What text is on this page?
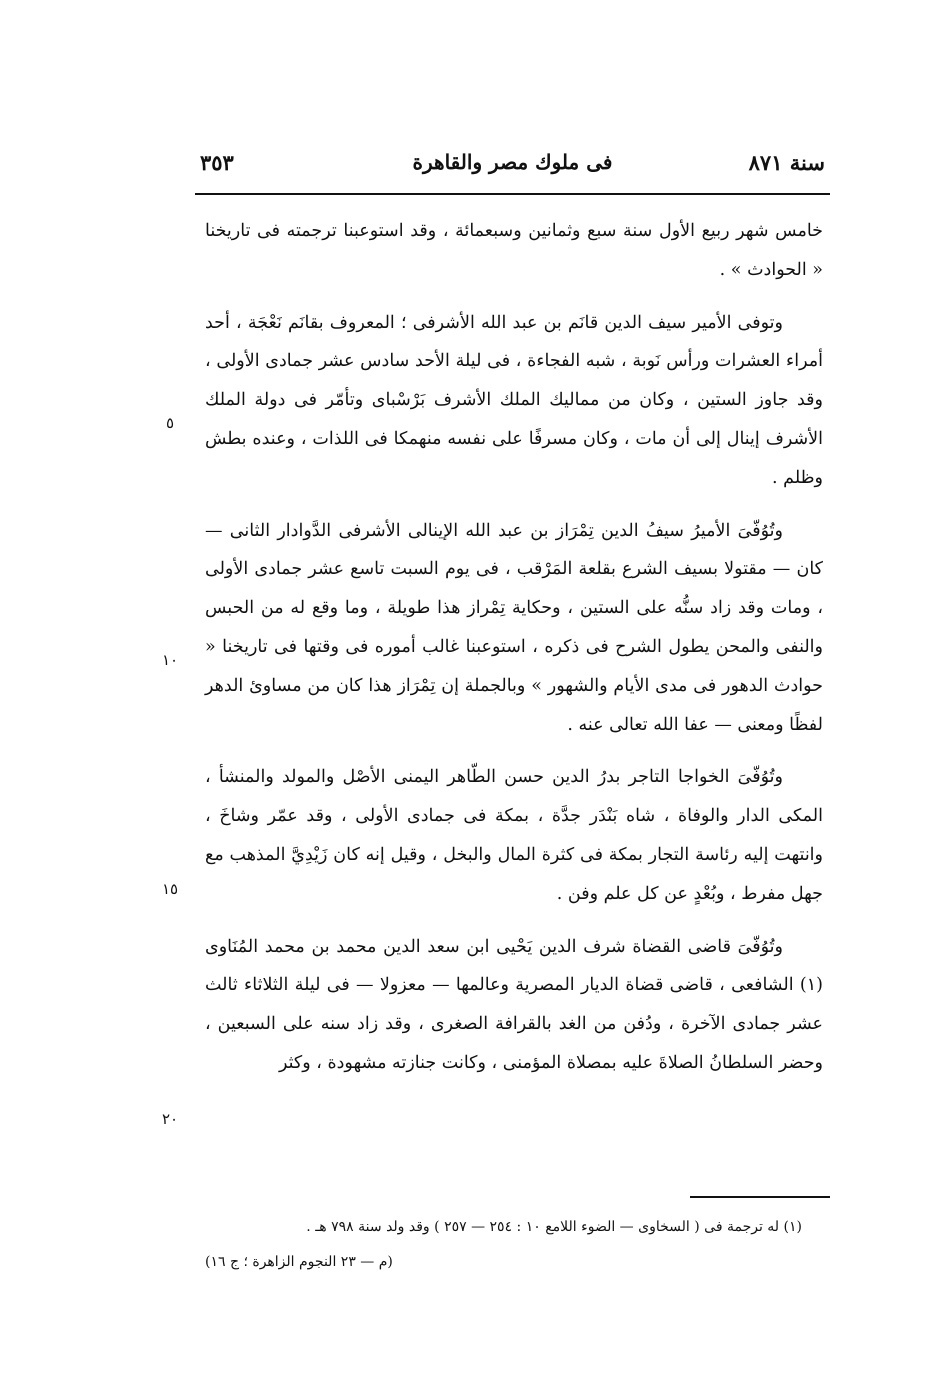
سنة ٨٧١
فى ملوك مصر والقاهرة
٣٥٣

خامس شهر ربيع الأول سنة سبع وثمانين وسبعمائة ، وقد استوعبنا ترجمته فى تاريخنا « الحوادث » .

وتوفى الأمير سيف الدين قانَم بن عبد الله الأشرفى ؛ المعروف بقانَم نَعْجَة ، أحد أمراء العشرات ورأس نَوبة ، شبه الفجاءة ، فى ليلة الأحد سادس عشر جمادى الأولى ، وقد جاوز الستين ، وكان من مماليك الملك الأشرف بَرْسْباى وتأمّر فى دولة الملك الأشرف إينال إلى أن مات ، وكان مسرفًا على نفسه منهمكا فى اللذات ، وعنده بطش وظلم .

وتُوُفّىَ الأميرُ سيفُ الدين تِمْرَاز بن عبد الله الإينالى الأشرفى الدَّوادار الثانى — كان — مقتولا بسيف الشرع بقلعة المَرْقب ، فى يوم السبت تاسع عشر جمادى الأولى ، ومات وقد زاد سنُّه على الستين ، وحكاية تِمْراز هذا طويلة ، وما وقع له من الحبس والنفى والمحن يطول الشرح فى ذكره ، استوعبنا غالب أموره فى وقتها فى تاريخنا « حوادث الدهور فى مدى الأيام والشهور » وبالجملة إن تِمْرَاز هذا كان من مساوئ الدهر لفظًا ومعنى — عفا الله تعالى عنه .

وتُوُفّىَ الخواجا التاجر بدرُ الدين حسن الطّاهر اليمنى الأصْل والمولد والمنشأ ، المكى الدار والوفاة ، شاه بَنْدَر جدَّة ، بمكة فى جمادى الأولى ، وقد عمّر وشاخَ ، وانتهت إليه رئاسة التجار بمكة فى كثرة المال والبخل ، وقيل إنه كان زَيْدِيَّ المذهب مع جهل مفرط ، وبُعْدٍ عن كل علم وفن .

وتُوُفّىَ قاضى القضاة شرف الدين يَحْيى ابن سعد الدين محمد بن محمد المُنَاوى (١) الشافعى ، قاضى قضاة الديار المصرية وعالمها — معزولا — فى ليلة الثلاثاء ثالث عشر جمادى الآخرة ، ودُفن من الغد بالقرافة الصغرى ، وقد زاد سنه على السبعين ، وحضر السلطانُ الصلاةَ عليه بمصلاة المؤمنى ، وكانت جنازته مشهودة ، وكثر

٥
١٠
١٥
٢٠
(١) له ترجمة فى ( السخاوى — الضوء اللامع ١٠ : ٢٥٤ — ٢٥٧ ) وقد ولد سنة ٧٩٨ هـ .
(م — ٢٣ النجوم الزاهرة ؛ ج ١٦)
